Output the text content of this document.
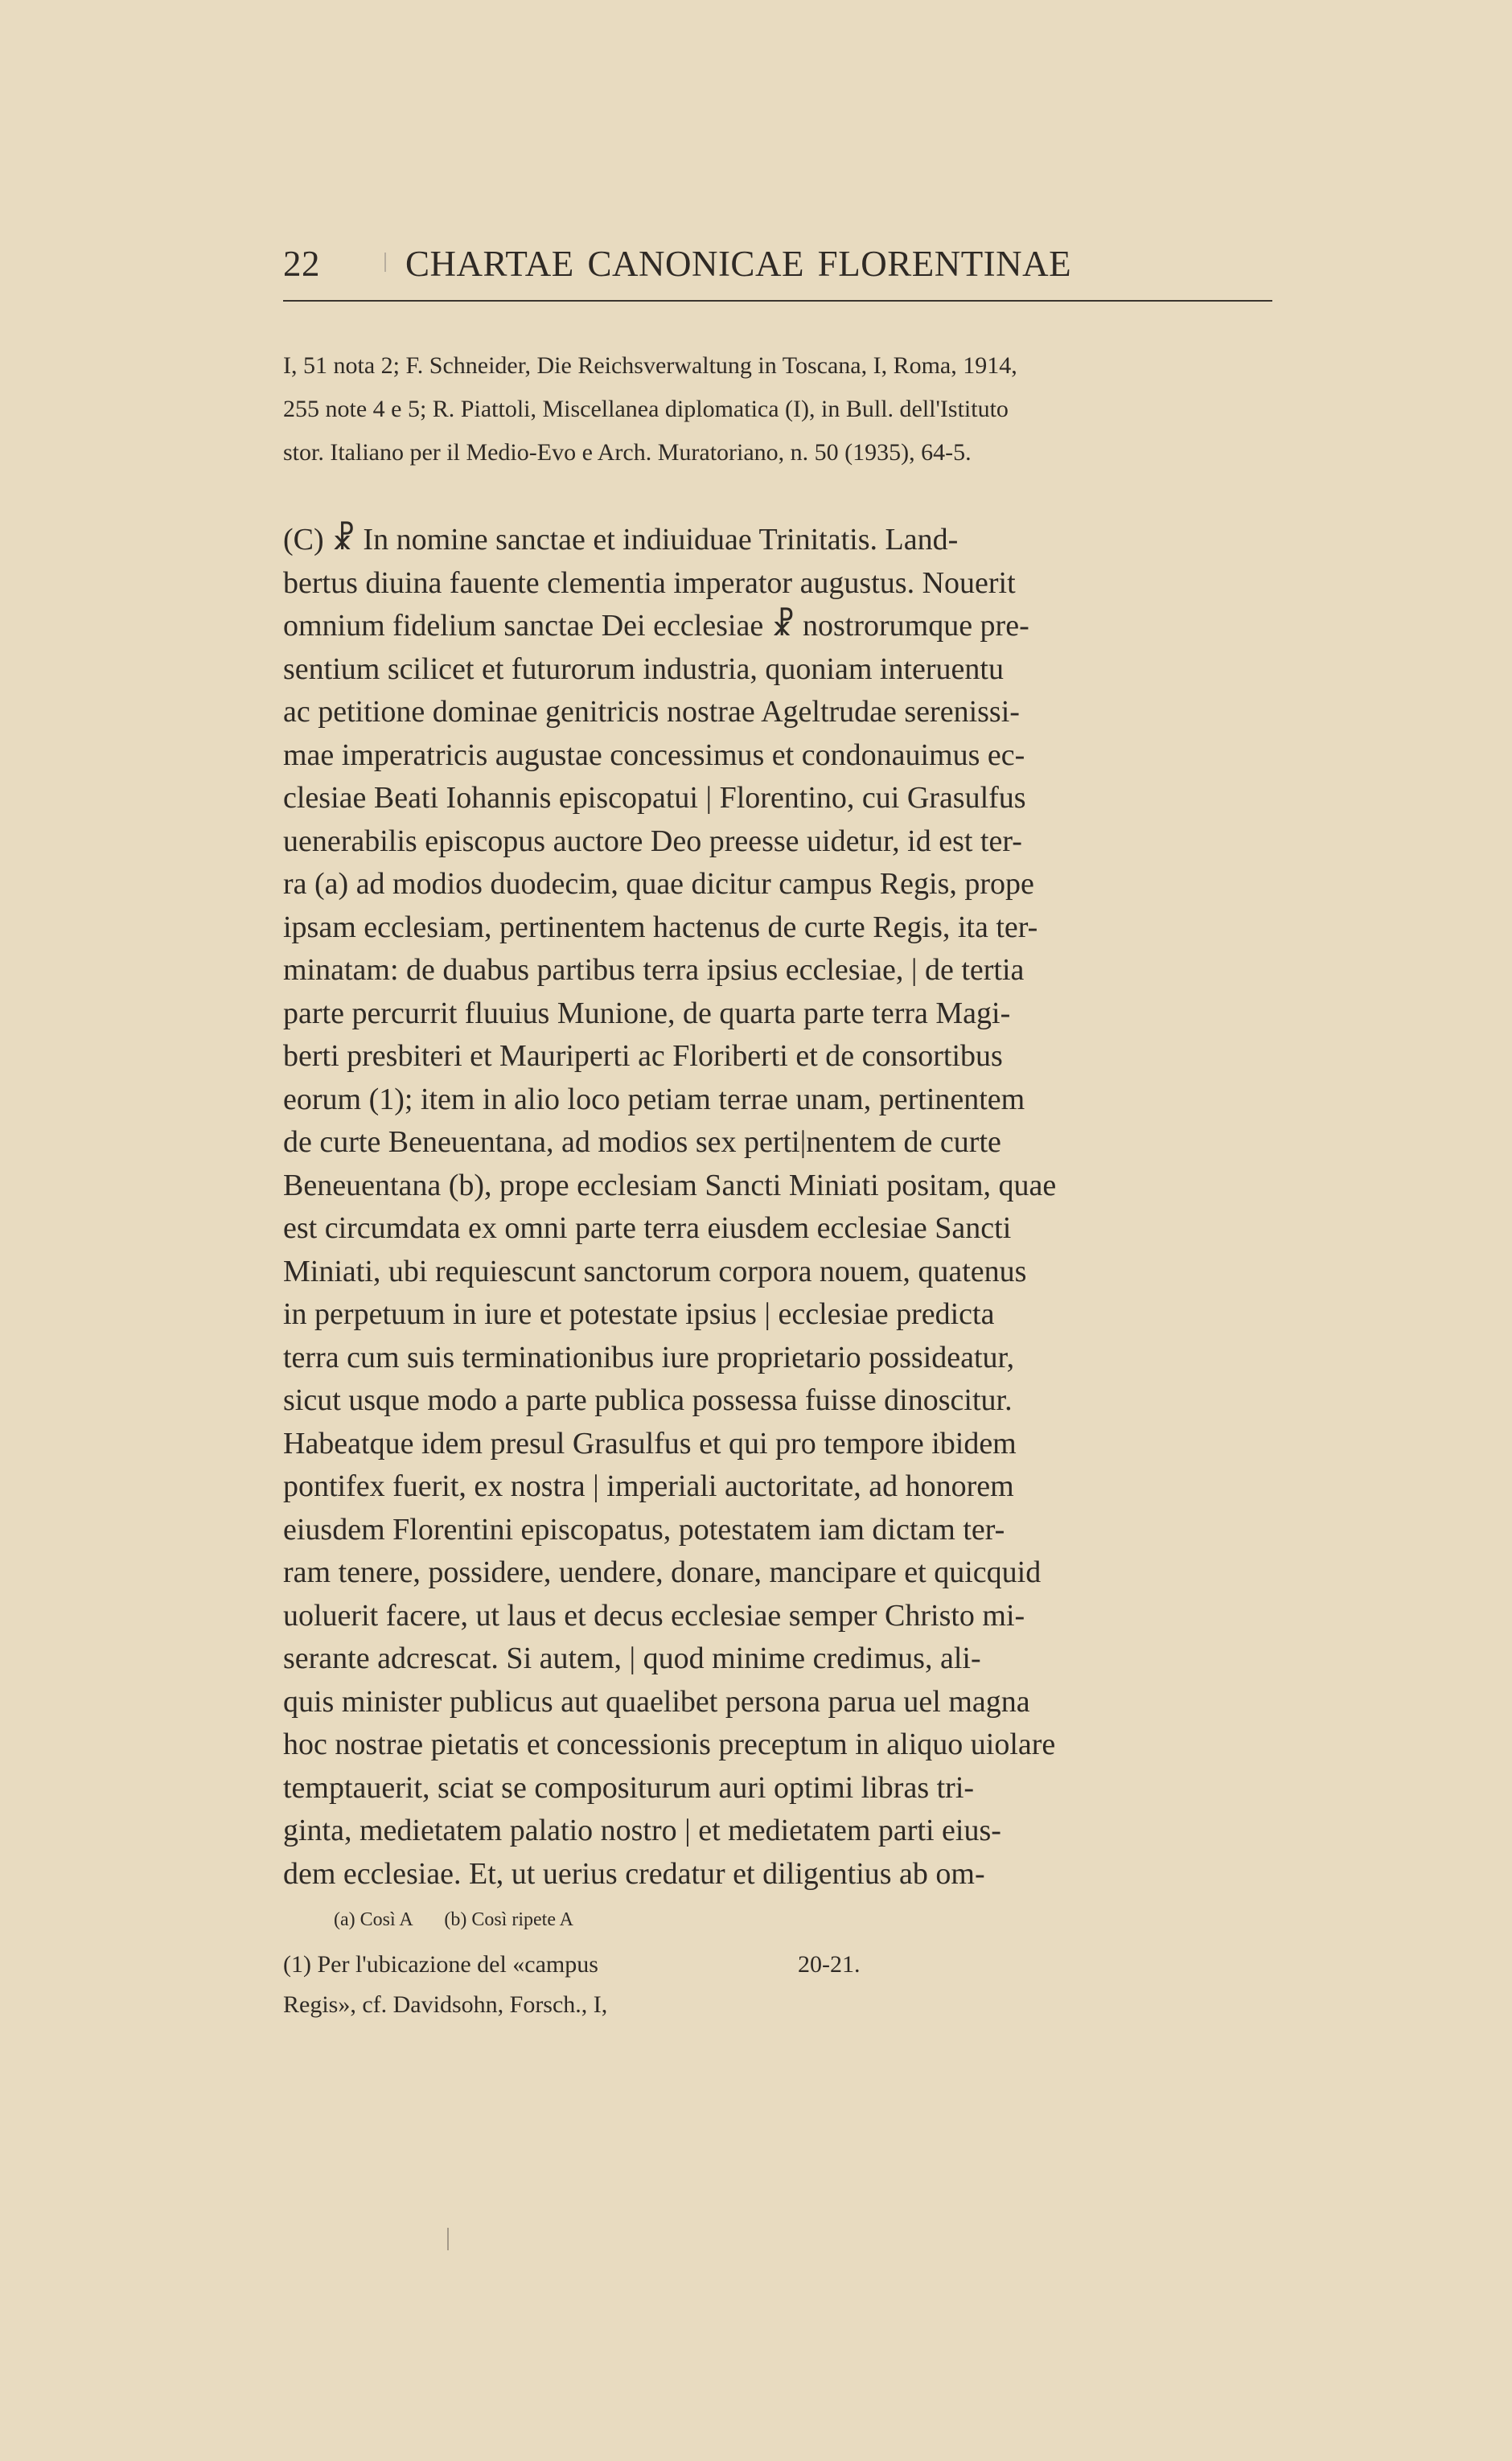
22 CHARTAE CANONICAE FLORENTINAE
I, 51 nota 2; F. Schneider, Die Reichsverwaltung in Toscana, I, Roma, 1914,
255 note 4 e 5; R. Piattoli, Miscellanea diplomatica (I), in Bull. dell'Istituto
stor. Italiano per il Medio-Evo e Arch. Muratoriano, n. 50 (1935), 64-5.
(C) ☧ In nomine sanctae et indiuiduae Trinitatis. Land-
bertus diuina fauente clementia imperator augustus. Nouerit
omnium fidelium sanctae Dei ecclesiae ☧ nostrorumque pre-
sentium scilicet et futurorum industria, quoniam interuentu
ac petitione dominae genitricis nostrae Ageltrudae serenissi-
mae imperatricis augustae concessimus et condonauimus ec-
clesiae Beati Iohannis episcopatui | Florentino, cui Grasulfus
uenerabilis episcopus auctore Deo preesse uidetur, id est ter-
ra (a) ad modios duodecim, quae dicitur campus Regis, prope
ipsam ecclesiam, pertinentem hactenus de curte Regis, ita ter-
minatam: de duabus partibus terra ipsius ecclesiae, | de tertia
parte percurrit fluuius Munione, de quarta parte terra Magi-
berti presbiteri et Mauriperti ac Floriberti et de consortibus
eorum (1); item in alio loco petiam terrae unam, pertinentem
de curte Beneuentana, ad modios sex perti|nentem de curte
Beneuentana (b), prope ecclesiam Sancti Miniati positam, quae
est circumdata ex omni parte terra eiusdem ecclesiae Sancti
Miniati, ubi requiescunt sanctorum corpora nouem, quatenus
in perpetuum in iure et potestate ipsius | ecclesiae predicta
terra cum suis terminationibus iure proprietario possideatur,
sicut usque modo a parte publica possessa fuisse dinoscitur.
Habeatque idem presul Grasulfus et qui pro tempore ibidem
pontifex fuerit, ex nostra | imperiali auctoritate, ad honorem
eiusdem Florentini episcopatus, potestatem iam dictam ter-
ram tenere, possidere, uendere, donare, mancipare et quicquid
uoluerit facere, ut laus et decus ecclesiae semper Christo mi-
serante adcrescat. Si autem, | quod minime credimus, ali-
quis minister publicus aut quaelibet persona parua uel magna
hoc nostrae pietatis et concessionis preceptum in aliquo uiolare
temptauerit, sciat se compositurum auri optimi libras tri-
ginta, medietatem palatio nostro | et medietatem parti eius-
dem ecclesiae. Et, ut uerius credatur et diligentius ab om-
(a) Così A (b) Così ripete A
(1) Per l'ubicazione del «campus
Regis», cf. Davidsohn, Forsch., I,
20-21.
